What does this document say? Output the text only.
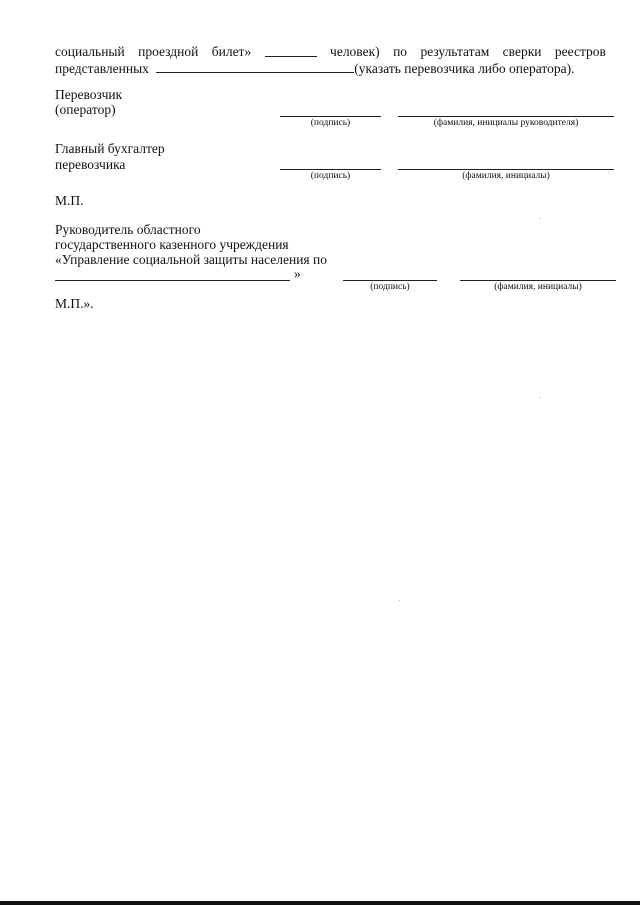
социальный проездной билет»	человек) по результатам сверки реестров
представленных	(указать перевозчика либо оператора).
Перевозчик
(оператор)
(подпись)	(фамилия, инициалы руководителя)
Главный бухгалтер
перевозчика
(подпись)	(фамилия, инициалы)
М.П.
Руководитель областного
государственного казенного учреждения
«Управление социальной защиты населения по
»
(подпись)	(фамилия, инициалы)
М.П.».
